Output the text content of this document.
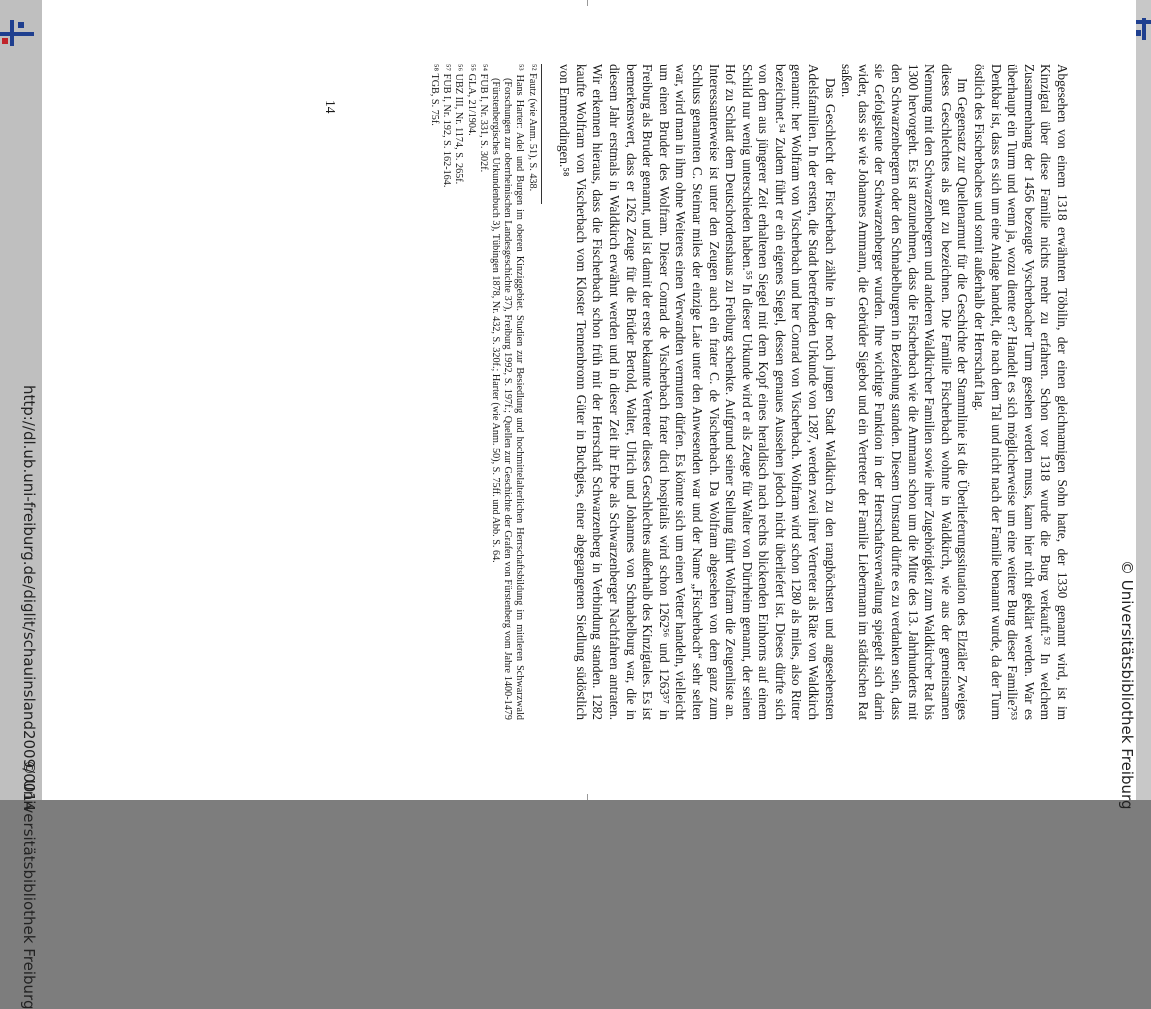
Abgesehen von einem 1318 erwähnten Töbilin, der einen gleichnamigen Sohn hatte, der 1330 genannt wird, ist im Kinzigtal über diese Familie nichts mehr zu erfahren. Schon vor 1318 wurde die Burg verkauft.⁵² In welchem Zusammenhang der 1456 bezeugte Vyscherbacher Turm gesehen werden muss, kann hier nicht geklärt werden. War es überhaupt ein Turm und wenn ja, wozu diente er? Handelt es sich möglicherweise um eine weitere Burg dieser Familie?⁵³ Denkbar ist, dass es sich um eine Anlage handelt, die nach dem Tal und nicht nach der Familie benannt wurde, da der Turm östlich des Fischerbaches und somit außerhalb der Herrschaft lag.

Im Gegensatz zur Quellenarmut für die Geschichte der Stammlinie ist die Überlieferungssituation des Elztäler Zweiges dieses Geschlechtes als gut zu bezeichnen. Die Familie Fischerbach wohnte in Waldkirch, wie aus der gemeinsamen Nennung mit den Schwarzenbergern und anderen Waldkircher Familien sowie ihrer Zugehörigkeit zum Waldkircher Rat bis 1300 hervorgeht. Es ist anzunehmen, dass die Fischerbach wie die Ammann schon um die Mitte des 13. Jahrhunderts mit den Schwarzenbergern oder den Schnabelburgern in Beziehung standen. Diesem Umstand dürfte es zu verdanken sein, dass sie Gefolgsleute der Schwarzenberger wurden. Ihre wichtige Funktion in der Herrschaftsverwaltung spiegelt sich darin wider, dass sie wie Johannes Ammann, die Gebrüder Sigebot und ein Vertreter der Familie Liebermann im städtischen Rat saßen.

Das Geschlecht der Fischerbach zählte in der noch jungen Stadt Waldkirch zu den ranghöchsten und angesehensten Adelsfamilien. In der ersten, die Stadt betreffenden Urkunde von 1287, werden zwei ihrer Vertreter als Räte von Waldkirch genannt: her Wolfram von Vischerbach und her Conrad von Vischerbach. Wolfram wird schon 1280 als miles, also Ritter bezeichnet.⁵⁴ Zudem führt er ein eigenes Siegel, dessen genaues Aussehen jedoch nicht überliefert ist. Dieses dürfte sich von dem aus jüngerer Zeit erhaltenen Siegel mit dem Kopf eines heraldisch nach rechts blickenden Einhorns auf einem Schild nur wenig unterschieden haben.⁵⁵ In dieser Urkunde wird er als Zeuge für Walter von Dürrheim genannt, der seinen Hof zu Schlatt dem Deutschordenshaus zu Freiburg schenkte. Aufgrund seiner Stellung führt Wolfram die Zeugenliste an. Interessanterweise ist unter den Zeugen auch ein frater C. de Vischerbach. Da Wolfram abgesehen von dem ganz zum Schluss genannten C. Steimar miles der einzige Laie unter den Anwesenden war und der Name „Fischerbach“ sehr selten war, wird man in ihm ohne Weiteres einen Verwandten vermuten dürfen. Es könnte sich um einen Vetter handeln, vielleicht um einen Bruder des Wolfram. Dieser Conrad de Vischerbach frater dicti hospitalis wird schon 1262⁵⁶ und 1263⁵⁷ in Freiburg als Bruder genannt, und ist damit der erste bekannte Vertreter dieses Geschlechtes außerhalb des Kinzigtales. Es ist bemerkenswert, dass er 1262 Zeuge für die Brüder Bertold, Walter, Ulrich und Johannes von Schnabelburg war, die in diesem Jahr erstmals in Waldkirch erwähnt werden und in dieser Zeit ihr Erbe als Schwarzenberger Nachfahren antraten. Wir erkennen hieraus, dass die Fischerbach schon früh mit der Herrschaft Schwarzenberg in Verbindung standen. 1282 kaufte Wolfram von Vischerbach vom Kloster Tennenbronn Güter in Buchgies, einer abgegangenen Siedlung südöstlich von Emmendingen.⁵⁸

⁵² Fautz (wie Anm. 51), S. 438.

⁵³ Hans Harter: Adel und Burgen im oberen Kinziggebiet. Studien zur Besiedlung und hochmittelalterlichen Herrschaftsbildung im mittleren Schwarzwald (Forschungen zur oberrheinischen Landesgeschichte 37), Freiburg 1992, S. 197f.; Quellen zur Geschichte der Grafen von Fürstenberg vom Jahre 1400-1479 (Fürstenbergisches Urkundenbuch 3), Tübingen 1878, Nr. 432, S. 320f.; Harter (wie Anm. 50), S. 75ff. und Abb. S. 64.

⁵⁴ FUB I, Nr. 331, S. 302f.

⁵⁵ GLA, 21/1904.

⁵⁶ UBZ III, Nr. 1174, S. 265f.

⁵⁷ FUB I, Nr. 192, S. 162-164.

⁵⁸ TGB, S. 75f.

14
http://dl.ub.uni-freiburg.de/diglit/schauinsland2009/0014
© Universitätsbibliothek Freiburg
© Universitätsbibliothek Freiburg
